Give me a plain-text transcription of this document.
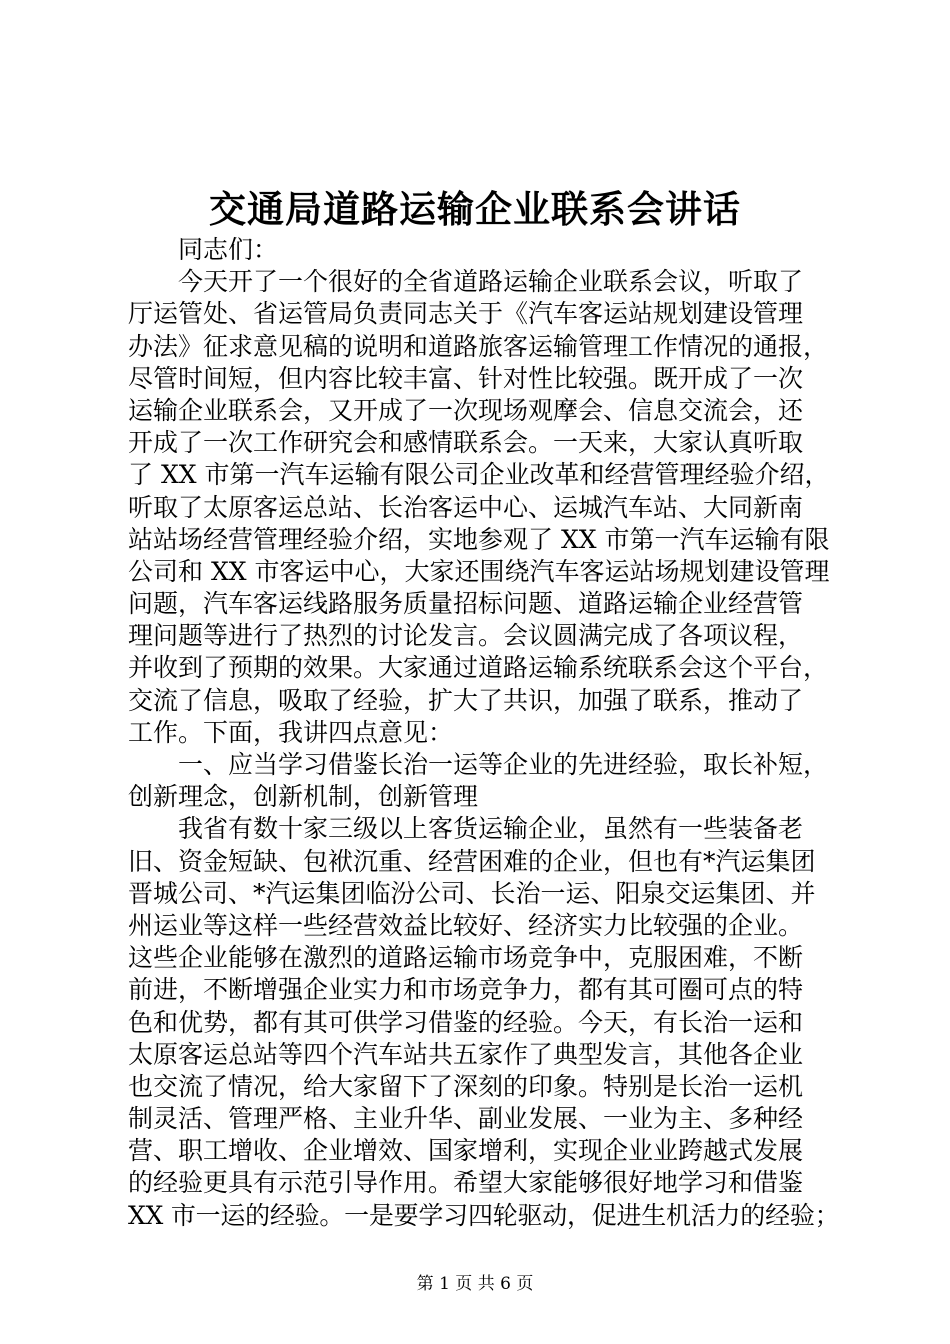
交通局道路运输企业联系会讲话
同志们：
今天开了一个很好的全省道路运输企业联系会议，听取了
厅运管处、省运管局负责同志关于《汽车客运站规划建设管理
办法》征求意见稿的说明和道路旅客运输管理工作情况的通报，
尽管时间短，但内容比较丰富、针对性比较强。既开成了一次
运输企业联系会，又开成了一次现场观摩会、信息交流会，还
开成了一次工作研究会和感情联系会。一天来，大家认真听取
了 XX 市第一汽车运输有限公司企业改革和经营管理经验介绍，
听取了太原客运总站、长治客运中心、运城汽车站、大同新南
站站场经营管理经验介绍，实地参观了 XX 市第一汽车运输有限
公司和 XX 市客运中心，大家还围绕汽车客运站场规划建设管理
问题，汽车客运线路服务质量招标问题、道路运输企业经营管
理问题等进行了热烈的讨论发言。会议圆满完成了各项议程，
并收到了预期的效果。大家通过道路运输系统联系会这个平台，
交流了信息，吸取了经验，扩大了共识，加强了联系，推动了
工作。下面，我讲四点意见：
一、应当学习借鉴长治一运等企业的先进经验，取长补短，
创新理念，创新机制，创新管理
我省有数十家三级以上客货运输企业，虽然有一些装备老
旧、资金短缺、包袱沉重、经营困难的企业，但也有*汽运集团
晋城公司、*汽运集团临汾公司、长治一运、阳泉交运集团、并
州运业等这样一些经营效益比较好、经济实力比较强的企业。
这些企业能够在激烈的道路运输市场竞争中，克服困难，不断
前进，不断增强企业实力和市场竞争力，都有其可圈可点的特
色和优势，都有其可供学习借鉴的经验。今天，有长治一运和
太原客运总站等四个汽车站共五家作了典型发言，其他各企业
也交流了情况，给大家留下了深刻的印象。特别是长治一运机
制灵活、管理严格、主业升华、副业发展、一业为主、多种经
营、职工增收、企业增效、国家增利，实现企业业跨越式发展
的经验更具有示范引导作用。希望大家能够很好地学习和借鉴
XX 市一运的经验。一是要学习四轮驱动，促进生机活力的经验；
第 1 页 共 6 页
